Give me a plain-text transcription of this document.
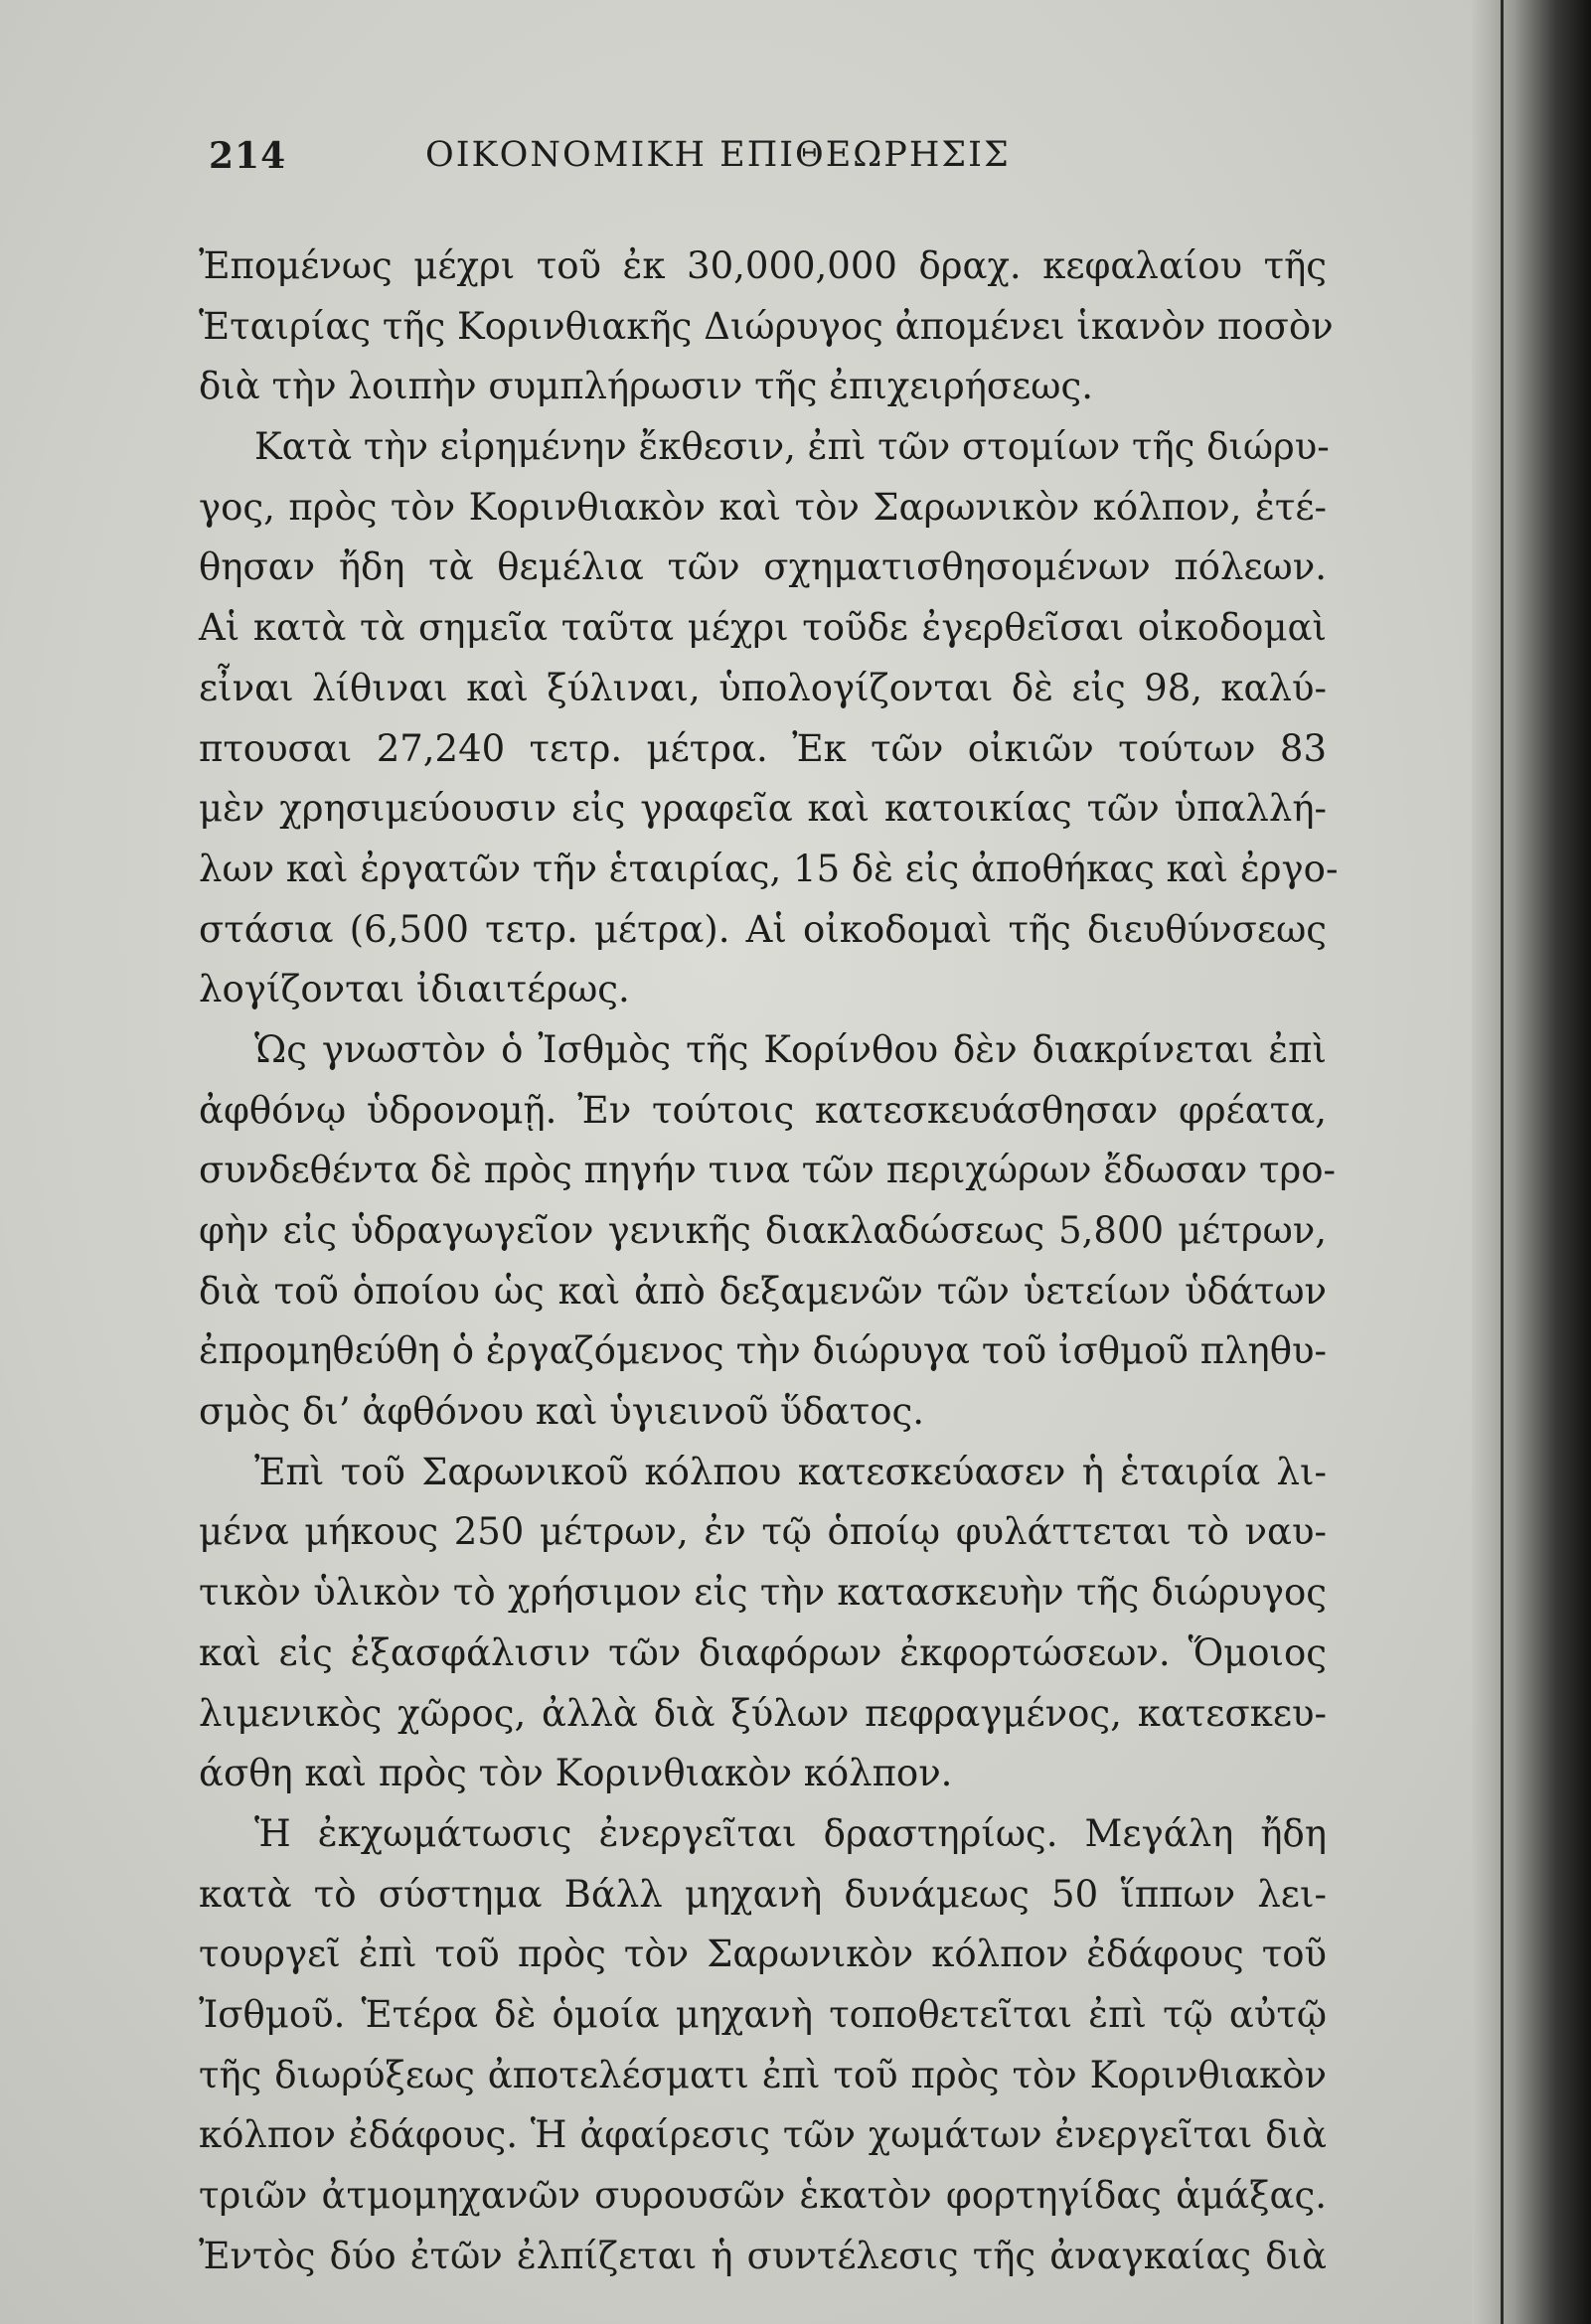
214	ΟΙΚΟΝΟΜΙΚΗ ΕΠΙΘΕΩΡΗΣΙΣ
Ἐπομένως μέχρι τοῦ ἐκ 30,000,000 δραχ. κεφαλαίου τῆς
Ἑταιρίας τῆς Κορινθιακῆς Διώρυγος ἀπομένει ἱκανὸν ποσὸν
διὰ τὴν λοιπὴν συμπλήρωσιν τῆς ἐπιχειρήσεως.
Κατὰ τὴν εἰρημένην ἔκθεσιν, ἐπὶ τῶν στομίων τῆς διώρυ-
γος, πρὸς τὸν Κορινθιακὸν καὶ τὸν Σαρωνικὸν κόλπον, ἐτέ-
θησαν ἤδη τὰ θεμέλια τῶν σχηματισθησομένων πόλεων.
Αἱ κατὰ τὰ σημεῖα ταῦτα μέχρι τοῦδε ἐγερθεῖσαι οἰκοδομαὶ
εἶναι λίθιναι καὶ ξύλιναι, ὑπολογίζονται δὲ εἰς 98, καλύ-
πτουσαι 27,240 τετρ. μέτρα. Ἐκ τῶν οἰκιῶν τούτων 83
μὲν χρησιμεύουσιν εἰς γραφεῖα καὶ κατοικίας τῶν ὑπαλλή-
λων καὶ ἐργατῶν τῆν ἑταιρίας, 15 δὲ εἰς ἀποθήκας καὶ ἐργο-
στάσια (6,500 τετρ. μέτρα). Αἱ οἰκοδομαὶ τῆς διευθύνσεως
λογίζονται ἰδιαιτέρως.
Ὡς γνωστὸν ὁ Ἰσθμὸς τῆς Κορίνθου δὲν διακρίνεται ἐπὶ
ἀφθόνῳ ὑδρονομῇ. Ἐν τούτοις κατεσκευάσθησαν φρέατα,
συνδεθέντα δὲ πρὸς πηγήν τινα τῶν περιχώρων ἔδωσαν τρο-
φὴν εἰς ὑδραγωγεῖον γενικῆς διακλαδώσεως 5,800 μέτρων,
διὰ τοῦ ὁποίου ὡς καὶ ἀπὸ δεξαμενῶν τῶν ὑετείων ὑδάτων
ἐπρομηθεύθη ὁ ἐργαζόμενος τὴν διώρυγα τοῦ ἰσθμοῦ πληθυ-
σμὸς δι’ ἀφθόνου καὶ ὑγιεινοῦ ὕδατος.
Ἐπὶ τοῦ Σαρωνικοῦ κόλπου κατεσκεύασεν ἡ ἑταιρία λι-
μένα μήκους 250 μέτρων, ἐν τῷ ὁποίῳ φυλάττεται τὸ ναυ-
τικὸν ὑλικὸν τὸ χρήσιμον εἰς τὴν κατασκευὴν τῆς διώρυγος
καὶ εἰς ἐξασφάλισιν τῶν διαφόρων ἐκφορτώσεων. Ὅμοιος
λιμενικὸς χῶρος, ἀλλὰ διὰ ξύλων πεφραγμένος, κατεσκευ-
άσθη καὶ πρὸς τὸν Κορινθιακὸν κόλπον.
Ἡ ἐκχωμάτωσις ἐνεργεῖται δραστηρίως. Μεγάλη ἤδη
κατὰ τὸ σύστημα Βάλλ μηχανὴ δυνάμεως 50 ἵππων λει-
τουργεῖ ἐπὶ τοῦ πρὸς τὸν Σαρωνικὸν κόλπον ἐδάφους τοῦ
Ἰσθμοῦ. Ἑτέρα δὲ ὁμοία μηχανὴ τοποθετεῖται ἐπὶ τῷ αὐτῷ
τῆς διωρύξεως ἀποτελέσματι ἐπὶ τοῦ πρὸς τὸν Κορινθιακὸν
κόλπον ἐδάφους. Ἡ ἀφαίρεσις τῶν χωμάτων ἐνεργεῖται διὰ
τριῶν ἀτμομηχανῶν συρουσῶν ἑκατὸν φορτηγίδας ἁμάξας.
Ἐντὸς δύο ἐτῶν ἐλπίζεται ἡ συντέλεσις τῆς ἀναγκαίας διὰ
